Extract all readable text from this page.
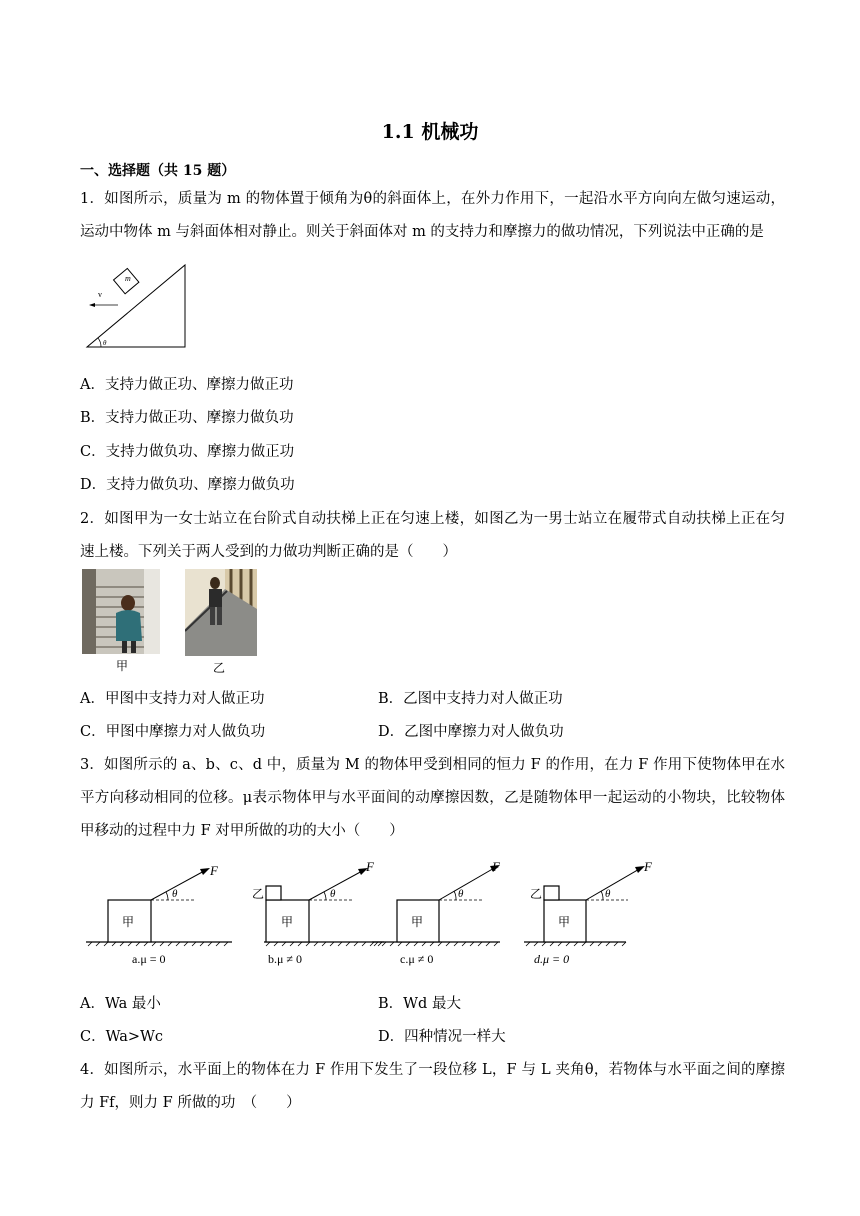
1.1 机械功
一、选择题（共 15 题）
1．如图所示，质量为 m 的物体置于倾角为θ的斜面体上，在外力作用下，一起沿水平方向向左做匀速运动，运动中物体 m 与斜面体相对静止。则关于斜面体对 m 的支持力和摩擦力的做功情况，下列说法中正确的是
m
v
θ
A．支持力做正功、摩擦力做正功
B．支持力做正功、摩擦力做负功
C．支持力做负功、摩擦力做正功
D．支持力做负功、摩擦力做负功
2．如图甲为一女士站立在台阶式自动扶梯上正在匀速上楼，如图乙为一男士站立在履带式自动扶梯上正在匀速上楼。下列关于两人受到的力做功判断正确的是（　　）
甲	乙
A．甲图中支持力对人做正功	B．乙图中支持力对人做正功
C．甲图中摩擦力对人做负功	D．乙图中摩擦力对人做负功
3．如图所示的 a、b、c、d 中，质量为 M 的物体甲受到相同的恒力 F 的作用，在力 F 作用下使物体甲在水平方向移动相同的位移。μ表示物体甲与水平面间的动摩擦因数，乙是随物体甲一起运动的小物块，比较物体甲移动的过程中力 F 对甲所做的功的大小（　　）
甲
F
θ
a.μ = 0
乙
甲
F
θ
b.μ ≠ 0
甲
F
θ
c.μ ≠ 0
乙
甲
F
θ
d.μ = 0
A．Wa 最小	B．Wd 最大
C．Wa>Wc	D．四种情况一样大
4．如图所示，水平面上的物体在力 F 作用下发生了一段位移 L，F 与 L 夹角θ，若物体与水平面之间的摩擦力 Ff，则力 F 所做的功　（　　）
